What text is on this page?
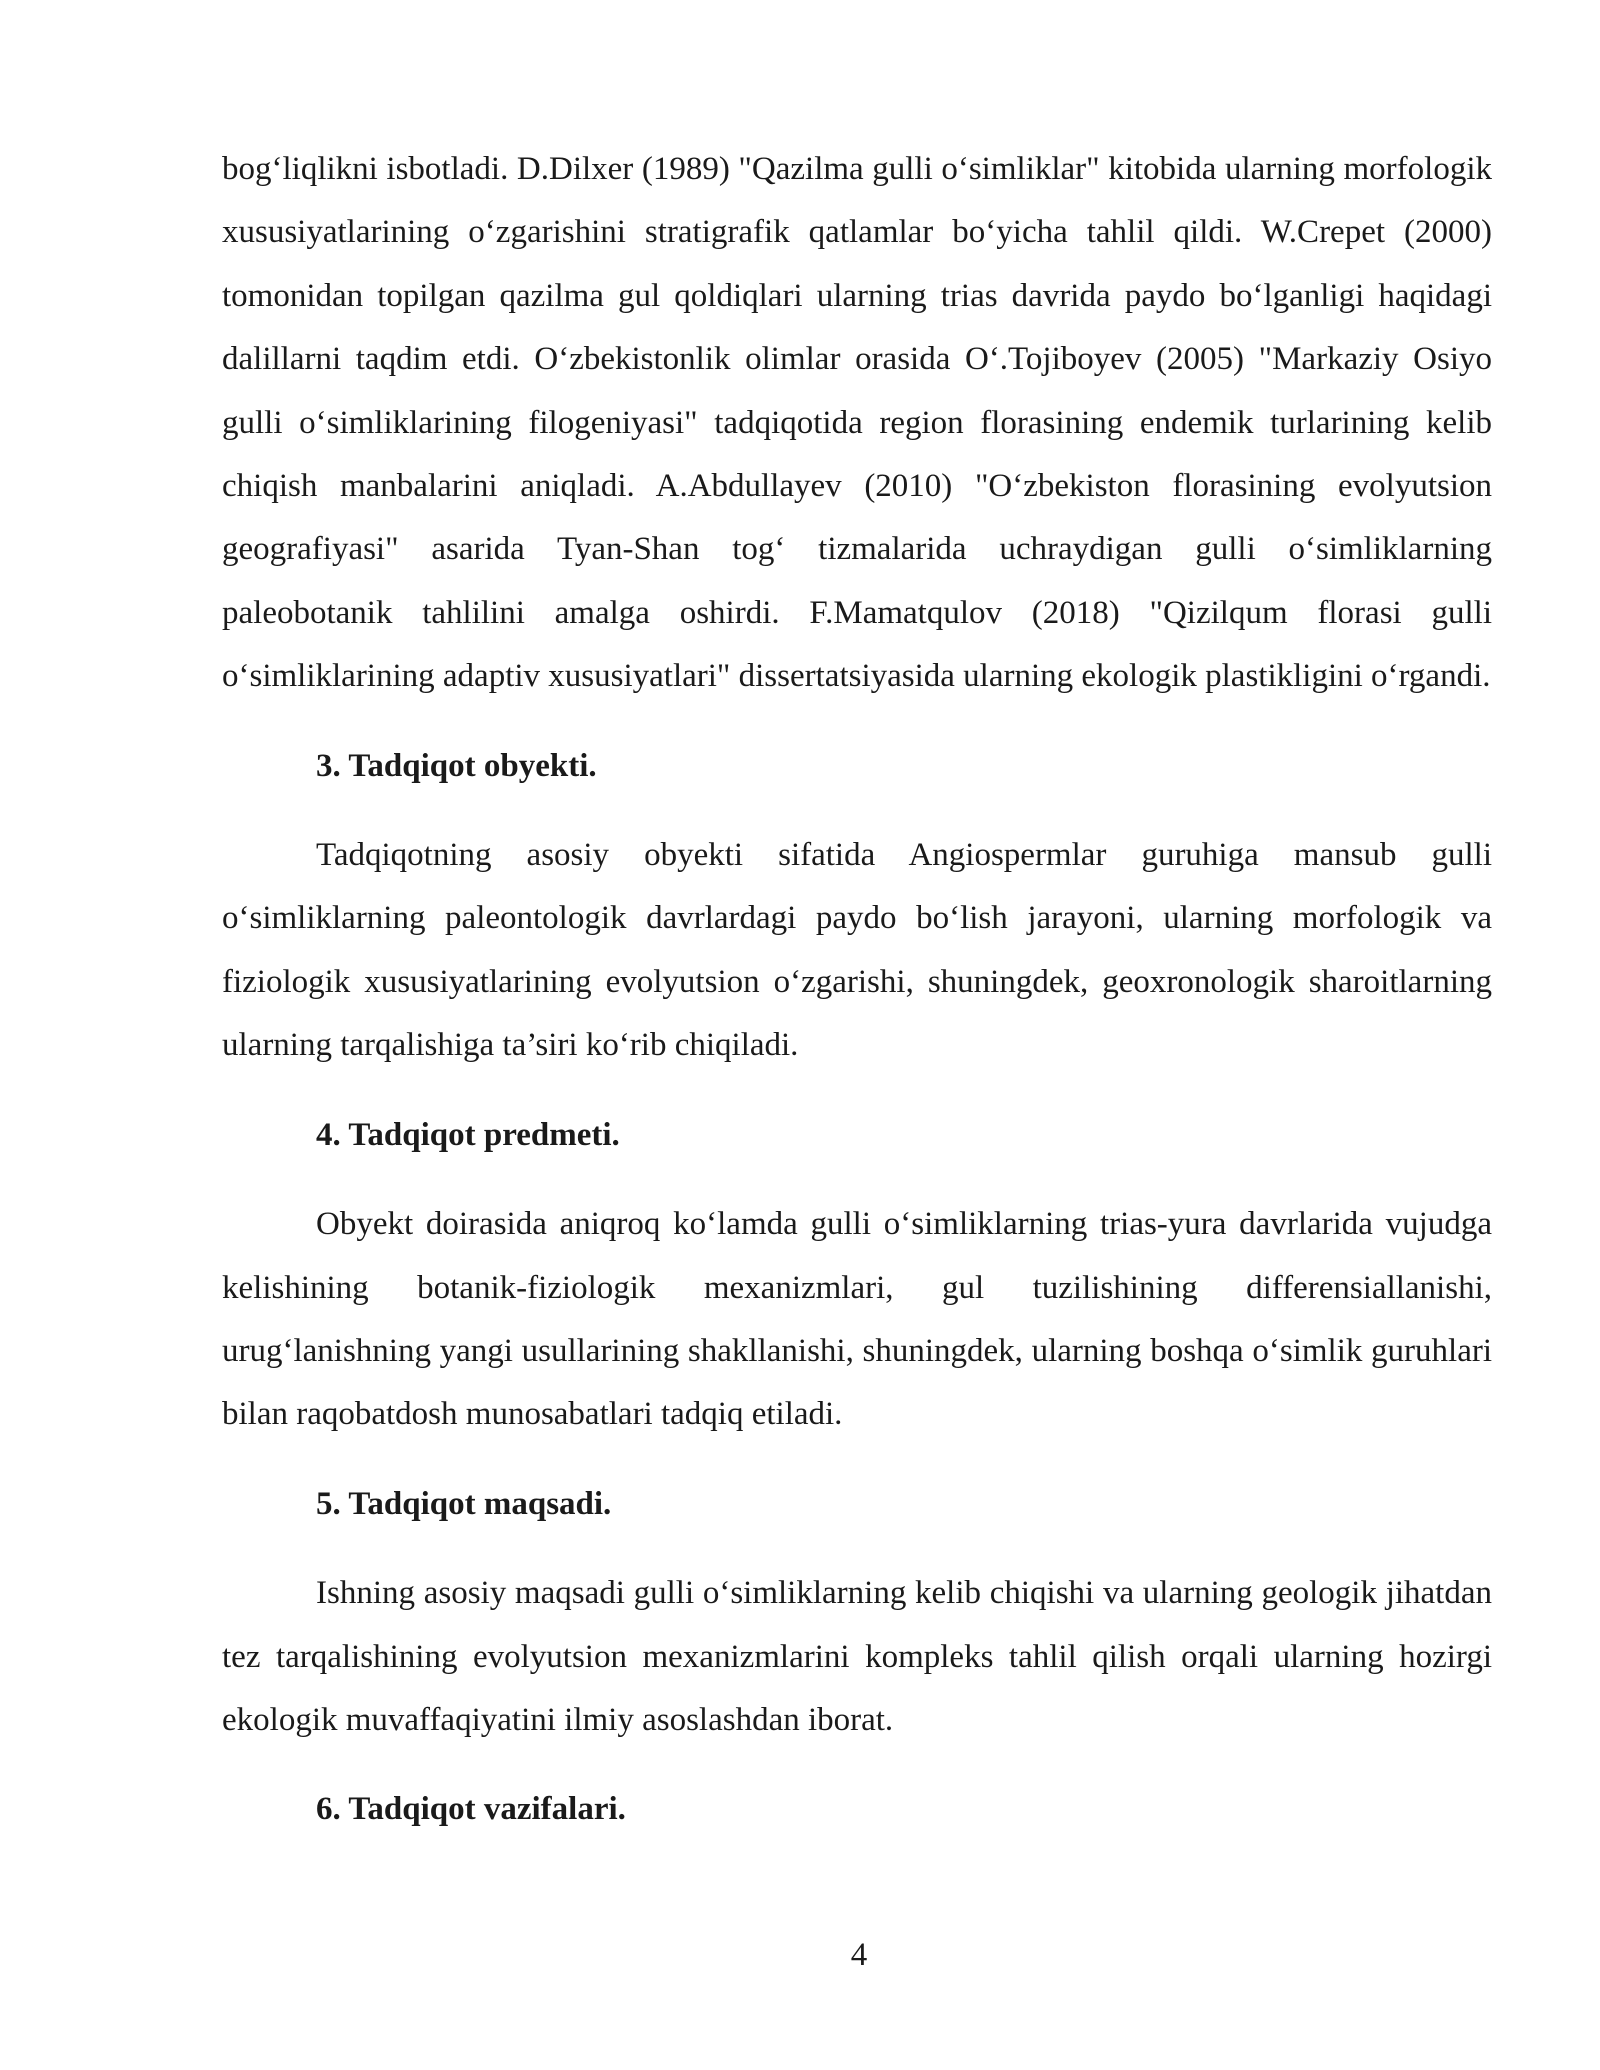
bog‘liqlikni isbotladi. D.Dilxer (1989) "Qazilma gulli o‘simliklar" kitobida ularning morfologik xususiyatlarining o‘zgarishini stratigrafik qatlamlar bo‘yicha tahlil qildi. W.Crepet (2000) tomonidan topilgan qazilma gul qoldiqlari ularning trias davrida paydo bo‘lganligi haqidagi dalillarni taqdim etdi. O‘zbekistonlik olimlar orasida O‘.Tojiboyev (2005) "Markaziy Osiyo gulli o‘simliklarining filogeniyasi" tadqiqotida region florasining endemik turlarining kelib chiqish manbalarini aniqladi. A.Abdullayev (2010) "O‘zbekiston florasining evolyutsion geografiyasi" asarida Tyan-Shan tog‘ tizmalarida uchraydigan gulli o‘simliklarning paleobotanik tahlilini amalga oshirdi. F.Mamatqulov (2018) "Qizilqum florasi gulli o‘simliklarining adaptiv xususiyatlari" dissertatsiyasida ularning ekologik plastikligini o‘rgandi.

3. Tadqiqot obyekti.

Tadqiqotning asosiy obyekti sifatida Angiospermlar guruhiga mansub gulli o‘simliklarning paleontologik davrlardagi paydo bo‘lish jarayoni, ularning morfologik va fiziologik xususiyatlarining evolyutsion o‘zgarishi, shuningdek, geoxronologik sharoitlarning ularning tarqalishiga ta’siri ko‘rib chiqiladi.

4. Tadqiqot predmeti.

Obyekt doirasida aniqroq ko‘lamda gulli o‘simliklarning trias-yura davrlarida vujudga kelishining botanik-fiziologik mexanizmlari, gul tuzilishining differensiallanishi, urug‘lanishning yangi usullarining shakllanishi, shuningdek, ularning boshqa o‘simlik guruhlari bilan raqobatdosh munosabatlari tadqiq etiladi.

5. Tadqiqot maqsadi.

Ishning asosiy maqsadi gulli o‘simliklarning kelib chiqishi va ularning geologik jihatdan tez tarqalishining evolyutsion mexanizmlarini kompleks tahlil qilish orqali ularning hozirgi ekologik muvaffaqiyatini ilmiy asoslashdan iborat.

6. Tadqiqot vazifalari.
4
